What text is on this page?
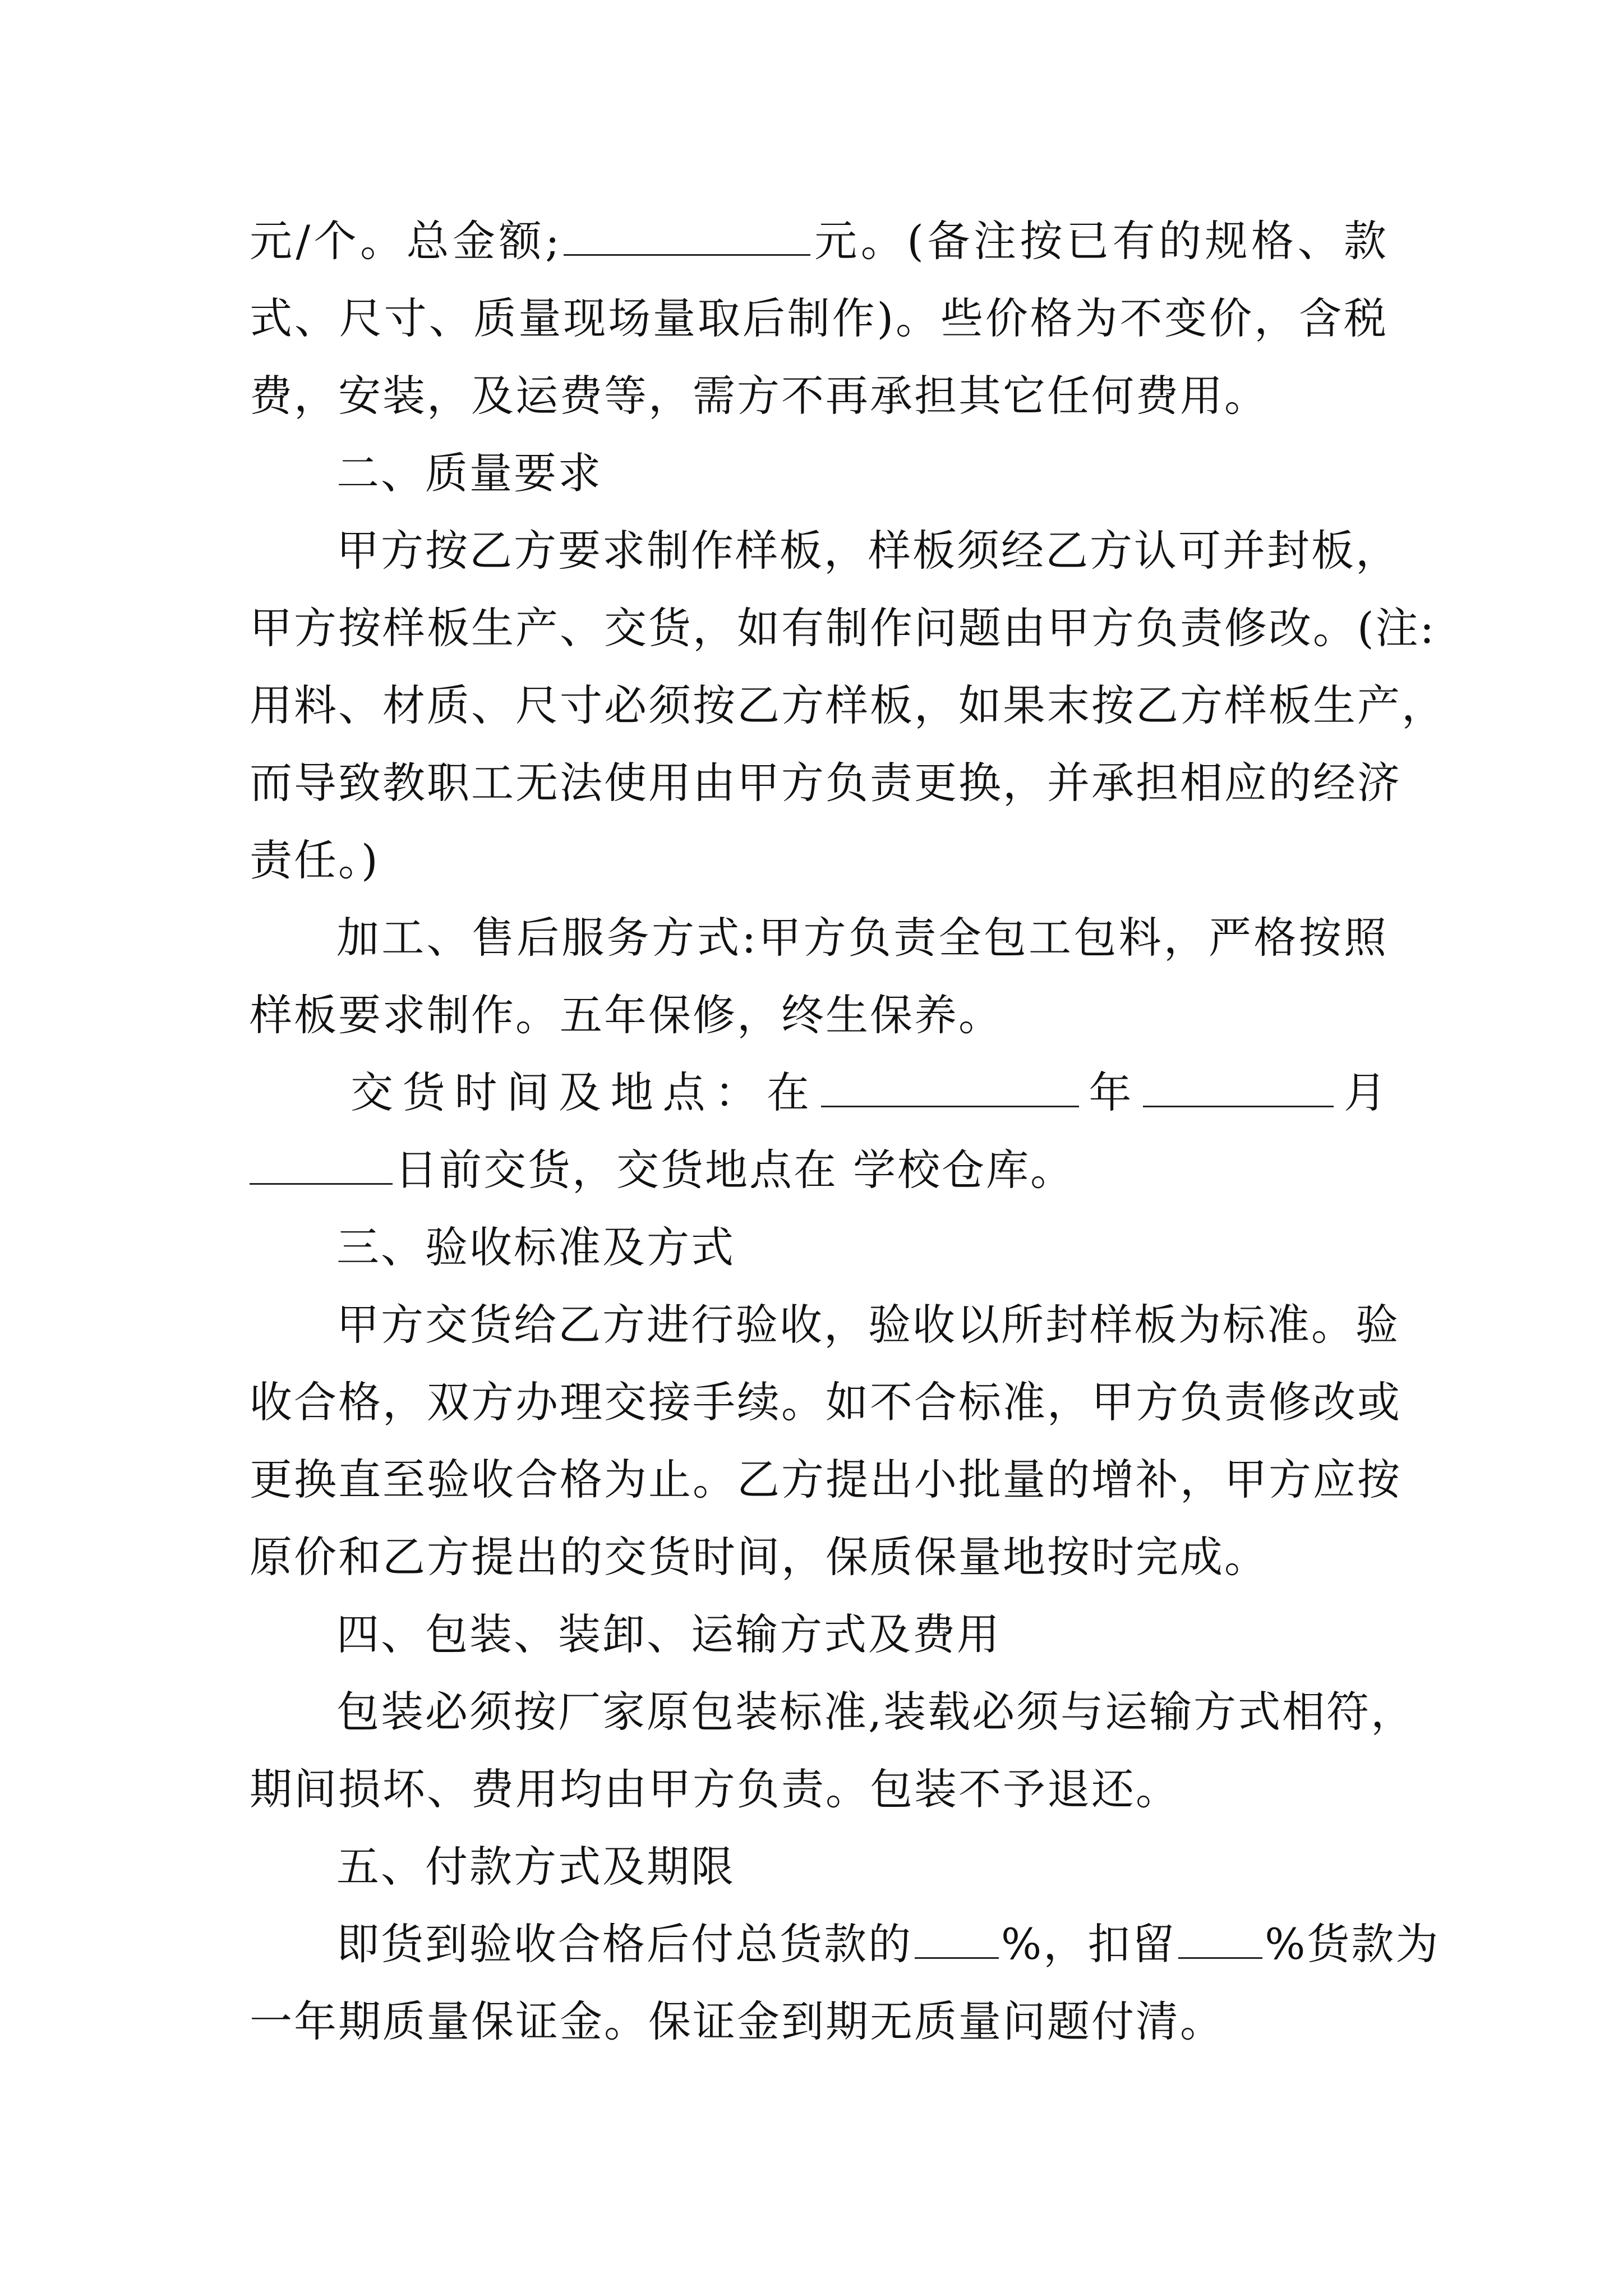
元/个。总金额;	元。(备注按已有的规格、款
式、尺寸、质量现场量取后制作)。些价格为不变价，含税
费，安装，及运费等，需方不再承担其它任何费用。
二、质量要求
甲方按乙方要求制作样板，样板须经乙方认可并封板，
甲方按样板生产、交货，如有制作问题由甲方负责修改。(注:
用料、材质、尺寸必须按乙方样板，如果末按乙方样板生产，
而导致教职工无法使用由甲方负责更换，并承担相应的经济
责任。)
加工、售后服务方式:甲方负责全包工包料，严格按照
样板要求制作。五年保修，终生保养。
交货时间及地点：在	年	月
日前交货，交货地点在 学校仓库。
三、验收标准及方式
甲方交货给乙方进行验收，验收以所封样板为标准。验
收合格，双方办理交接手续。如不合标准，甲方负责修改或
更换直至验收合格为止。乙方提出小批量的增补，甲方应按
原价和乙方提出的交货时间，保质保量地按时完成。
四、包装、装卸、运输方式及费用
包装必须按厂家原包装标准,装载必须与运输方式相符，
期间损坏、费用均由甲方负责。包装不予退还。
五、付款方式及期限
即货到验收合格后付总货款的 %，扣留 %货款为
一年期质量保证金。保证金到期无质量问题付清。
